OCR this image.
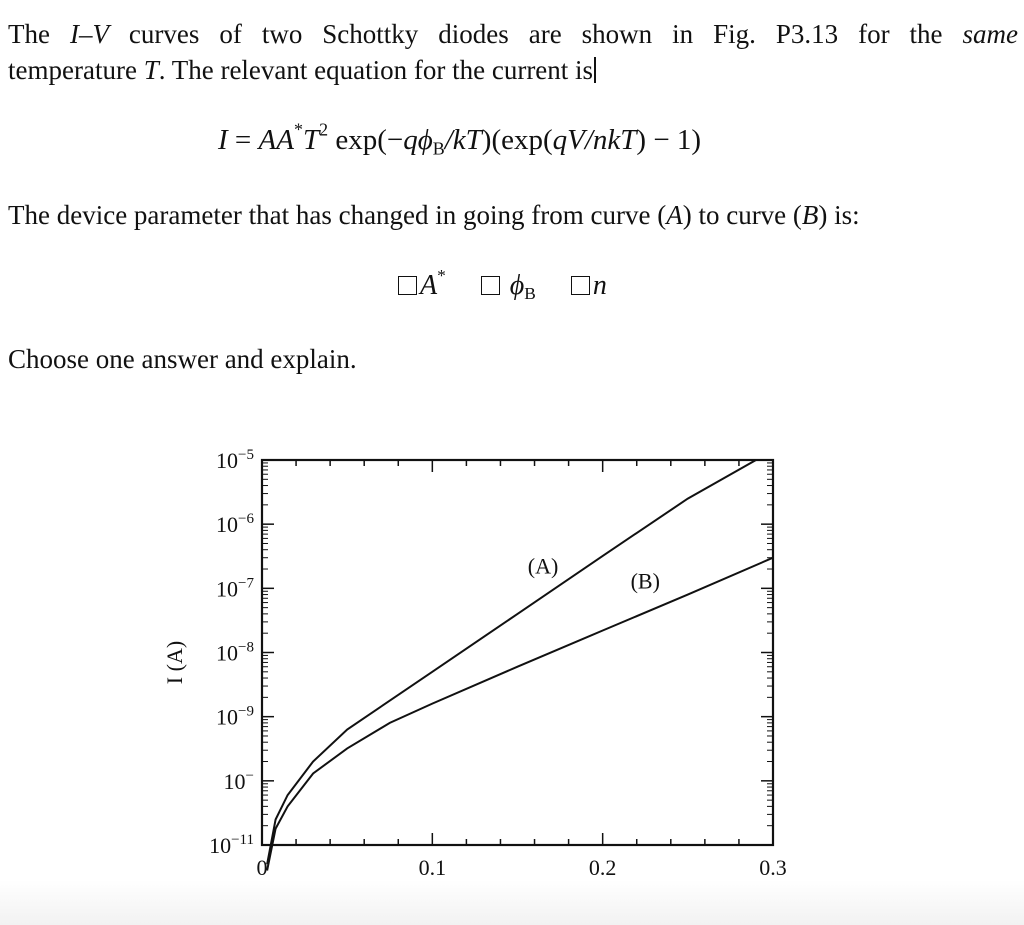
The I–V curves of two Schottky diodes are shown in Fig. P3.13 for the same
temperature T. The relevant equation for the current is

$I = AA^*T^2$ $\exp(-q\phi_B/kT)(\exp(qV/nkT) - 1)$

The device parameter that has changed in going from curve (A) to curve (B) is:

A* $\phi_B$ n

Choose one answer and explain.

0	0.1	0.2	0.3
$10^{-11}$
10−
$10^{-9}$
$10^{-8}$
$10^{-7}$
$10^{-6}$
$10^{-5}$
I (A)
(A)
(B)
